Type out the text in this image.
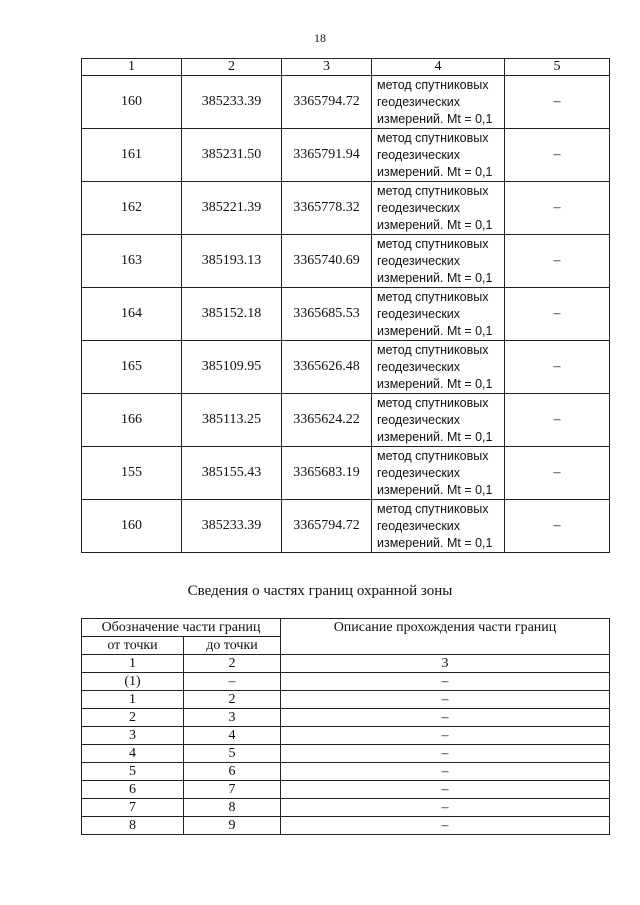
18
1	2	3	4	5
160	385233.39	3365794.72	метод спутниковых
геодезических
измерений. Mt = 0,1	–
161	385231.50	3365791.94	метод спутниковых
геодезических
измерений. Mt = 0,1	–
162	385221.39	3365778.32	метод спутниковых
геодезических
измерений. Mt = 0,1	–
163	385193.13	3365740.69	метод спутниковых
геодезических
измерений. Mt = 0,1	–
164	385152.18	3365685.53	метод спутниковых
геодезических
измерений. Mt = 0,1	–
165	385109.95	3365626.48	метод спутниковых
геодезических
измерений. Mt = 0,1	–
166	385113.25	3365624.22	метод спутниковых
геодезических
измерений. Mt = 0,1	–
155	385155.43	3365683.19	метод спутниковых
геодезических
измерений. Mt = 0,1	–
160	385233.39	3365794.72	метод спутниковых
геодезических
измерений. Mt = 0,1	–
Сведения о частях границ охранной зоны
Обозначение части границ		Описание прохождения части границ
от точки	до точки	
1	2	3
(1)	–	–
1	2	–
2	3	–
3	4	–
4	5	–
5	6	–
6	7	–
7	8	–
8	9	–
